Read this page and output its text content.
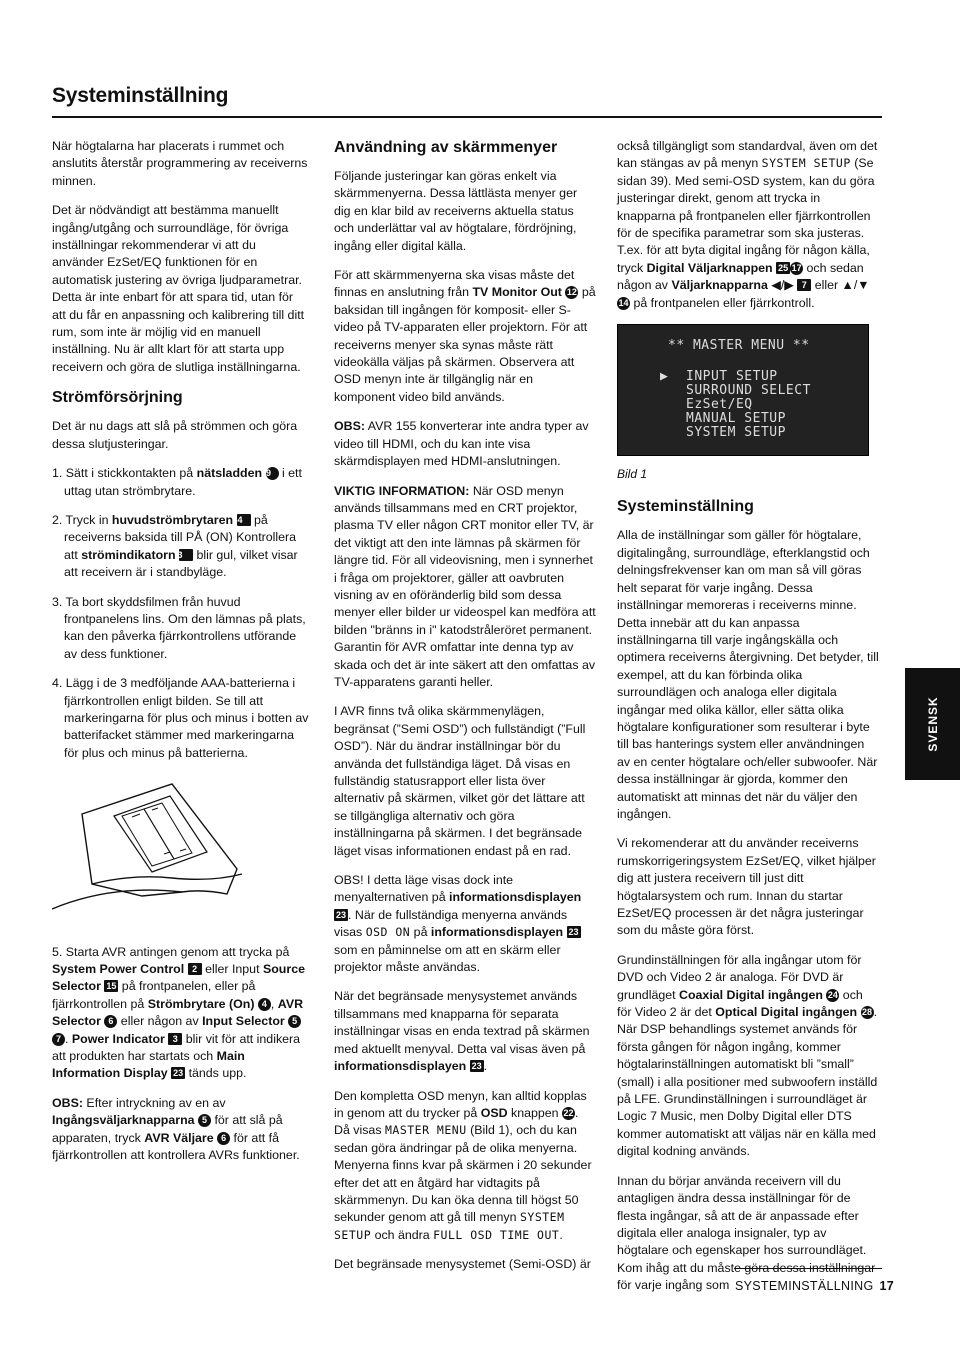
Systeminställning

När högtalarna har placerats i rummet och anslutits återstår programmering av receiverns minnen.

Det är nödvändigt att bestämma manuellt ingång/utgång och surroundläge, för övriga inställningar rekommenderar vi att du använder EzSet/EQ funktionen för en automatisk justering av övriga ljudparametrar. Detta är inte enbart för att spara tid, utan för att du får en anpassning och kalibrering till ditt rum, som inte är möjlig vid en manuell inställning. Nu är allt klart för att starta upp receivern och göra de slutliga inställningarna.

Strömförsörjning

Det är nu dags att slå på strömmen och göra dessa slutjusteringar.

1. Sätt i stickkontakten på nätsladden 19 i ett uttag utan strömbrytare.
2. Tryck in huvudströmbrytaren 34 på receiverns baksida till PÅ (ON) Kontrollera att strömindikatorn 3 blir gul, vilket visar att receivern är i standbyläge.
3. Ta bort skyddsfilmen från huvud frontpanelens lins. Om den lämnas på plats, kan den påverka fjärrkontrollens utförande av dess funktioner.
4. Lägg i de 3 medföljande AAA-batterierna i fjärrkontrollen enligt bilden. Se till att markeringarna för plus och minus i botten av batterifacket stämmer med markeringarna för plus och minus på batterierna.

5. Starta AVR antingen genom att trycka på System Power Control 2 eller Input Source Selector 15 på frontpanelen, eller på fjärrkontrollen på Strömbrytare (On) 4 , AVR Selector 6 eller någon av Input Selector 57 . Power Indicator 3 blir vit för att indikera att produkten har startats och Main Information Display 23 tänds upp.

OBS: Efter intryckning av en av Ingångsväljarknapparna 5 för att slå på apparaten, tryck AVR Väljare 6 för att få fjärrkontrollen att kontrollera AVRs funktioner.

Användning av skärmmenyer

Följande justeringar kan göras enkelt via skärmmenyerna. Dessa lättlästa menyer ger dig en klar bild av receiverns aktuella status och underlättar val av högtalare, fördröjning, ingång eller digital källa.

För att skärmmenyerna ska visas måste det finnas en anslutning från TV Monitor Out 12 på baksidan till ingången för komposit- eller S-video på TV-apparaten eller projektorn. För att receiverns menyer ska synas måste rätt videokälla väljas på skärmen. Observera att OSD menyn inte är tillgänglig när en komponent video bild används.

OBS: AVR 155 konverterar inte andra typer av video till HDMI, och du kan inte visa skärmdisplayen med HDMI-anslutningen.

VIKTIG INFORMATION: När OSD menyn används tillsammans med en CRT projektor, plasma TV eller någon CRT monitor eller TV, är det viktigt att den inte lämnas på skärmen för längre tid. För all videovisning, men i synnerhet i fråga om projektorer, gäller att oavbruten visning av en oföränderlig bild som dessa menyer eller bilder ur videospel kan medföra att bilden "bränns in i" katodstråleröret permanent. Garantin för AVR omfattar inte denna typ av skada och det är inte säkert att den omfattas av TV-apparatens garanti heller.

I AVR finns två olika skärmmenylägen, begränsat (”Semi OSD”) och fullständigt (”Full OSD”). När du ändrar inställningar bör du använda det fullständiga läget. Då visas en fullständig statusrapport eller lista över alternativ på skärmen, vilket gör det lättare att se tillgängliga alternativ och göra inställningarna på skärmen. I det begränsade läget visas informationen endast på en rad.

OBS! I detta läge visas dock inte menyalternativen på informationsdisplayen 23 . När de fullständiga menyerna används visas OSD ON på informationsdisplayen 23 som en påminnelse om att en skärm eller projektor måste användas.

När det begränsade menysystemet används tillsammans med knapparna för separata inställningar visas en enda textrad på skärmen med aktuellt menyval. Detta val visas även på informationsdisplayen 23 .

Den kompletta OSD menyn, kan alltid kopplas in genom att du trycker på OSD knappen 22 . Då visas MASTER MENU (Bild 1), och du kan sedan göra ändringar på de olika menyerna. Menyerna finns kvar på skärmen i 20 sekunder efter det att en åtgärd har vidtagits på skärmmenyn. Du kan öka denna till högst 50 sekunder genom att gå till menyn SYSTEM SETUP och ändra FULL OSD TIME OUT.

Det begränsade menysystemet (Semi-OSD) är

också tillgängligt som standardval, även om det kan stängas av på menyn SYSTEM SETUP (Se sidan 39). Med semi-OSD system, kan du göra justeringar direkt, genom att trycka in knapparna på frontpanelen eller fjärrkontrollen för de specifika parametrar som ska justeras. T.ex. för att byta digital ingång för någon källa, tryck Digital Väljarknappen 25 17 och sedan någon av Väljarknapparna ◀/▶ 7 eller ▲/▼ 14 på frontpanelen eller fjärrkontroll.

** MASTER MENU **
▶ INPUT SETUP
SURROUND SELECT
EzSet/EQ
MANUAL SETUP
SYSTEM SETUP
Bild 1
Systeminställning

Alla de inställningar som gäller för högtalare, digitalingång, surroundläge, efterklangstid och delningsfrekvenser kan om man så vill göras helt separat för varje ingång. Dessa inställningar memoreras i receiverns minne. Detta innebär att du kan anpassa inställningarna till varje ingångskälla och optimera receiverns återgivning. Det betyder, till exempel, att du kan förbinda olika surroundlägen och analoga eller digitala ingångar med olika källor, eller sätta olika högtalare konfigurationer som resulterar i byte till bas hanterings system eller användningen av en center högtalare och/eller subwoofer. När dessa inställningar är gjorda, kommer den automatiskt att minnas det när du väljer den ingången.

Vi rekomenderar att du använder receiverns rumskorrigeringsystem EzSet/EQ, vilket hjälper dig att justera receivern till just ditt högtalarsystem och rum. Innan du startar EzSet/EQ processen är det några justeringar som du måste göra först.

Grundinställningen för alla ingångar utom för DVD och Video 2 är analoga. För DVD är grundläget Coaxial Digital ingången 24 och för Video 2 är det Optical Digital ingången 28 . När DSP behandlings systemet används för första gången för någon ingång, kommer högtalarinställningen automatiskt bli ”small” (small) i alla positioner med subwoofern inställd på LFE. Grundinställningen i surroundläget är Logic 7 Music, men Dolby Digital eller DTS kommer automatiskt att väljas när en källa med digital kodning används.

Innan du börjar använda receivern vill du antagligen ändra dessa inställningar för de flesta ingångar, så att de är anpassade efter digitala eller analoga insignaler, typ av högtalare och egenskaper hos surroundläget. Kom ihåg att du måste göra dessa inställningar för varje ingång som

SVENSK
SYSTEMINSTÄLLNING 17
